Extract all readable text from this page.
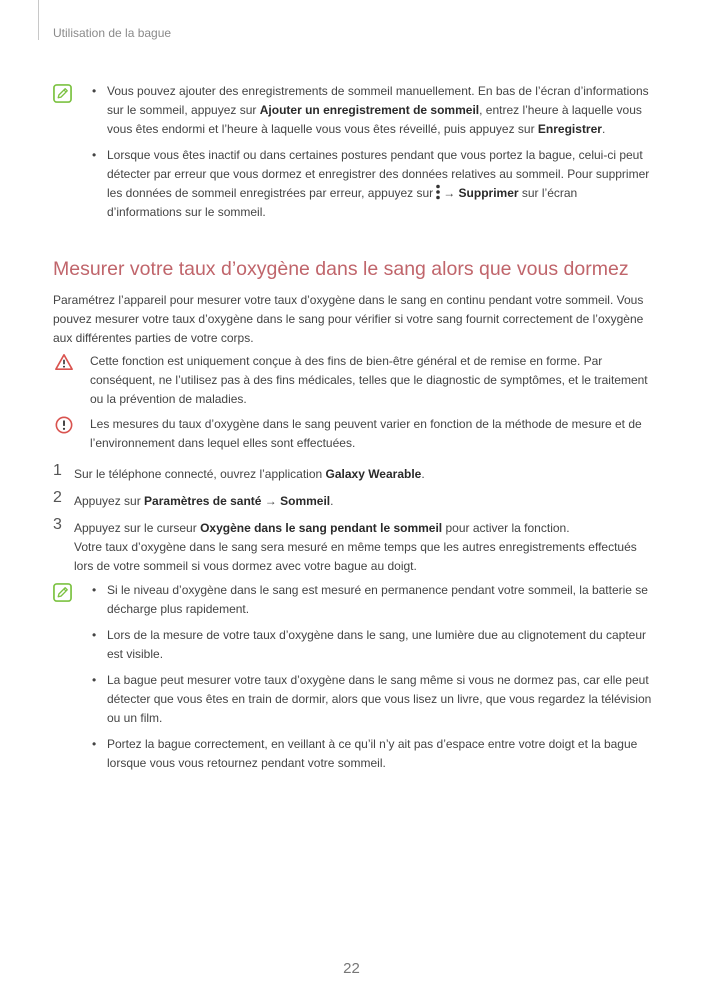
Utilisation de la bague
• Vous pouvez ajouter des enregistrements de sommeil manuellement. En bas de l’écran d’informations sur le sommeil, appuyez sur Ajouter un enregistrement de sommeil, entrez l’heure à laquelle vous vous êtes endormi et l’heure à laquelle vous vous êtes réveillé, puis appuyez sur Enregistrer.
• Lorsque vous êtes inactif ou dans certaines postures pendant que vous portez la bague, celui-ci peut détecter par erreur que vous dormez et enregistrer des données relatives au sommeil. Pour supprimer les données de sommeil enregistrées par erreur, appuyez sur → Supprimer sur l’écran d’informations sur le sommeil.
Mesurer votre taux d’oxygène dans le sang alors que vous dormez
Paramétrez l’appareil pour mesurer votre taux d’oxygène dans le sang en continu pendant votre sommeil. Vous pouvez mesurer votre taux d’oxygène dans le sang pour vérifier si votre sang fournit correctement de l’oxygène aux différentes parties de votre corps.
Cette fonction est uniquement conçue à des fins de bien-être général et de remise en forme. Par conséquent, ne l’utilisez pas à des fins médicales, telles que le diagnostic de symptômes, et le traitement ou la prévention de maladies.
Les mesures du taux d’oxygène dans le sang peuvent varier en fonction de la méthode de mesure et de l’environnement dans lequel elles sont effectuées.
1 Sur le téléphone connecté, ouvrez l’application Galaxy Wearable.
2 Appuyez sur Paramètres de santé → Sommeil.
3 Appuyez sur le curseur Oxygène dans le sang pendant le sommeil pour activer la fonction.
Votre taux d’oxygène dans le sang sera mesuré en même temps que les autres enregistrements effectués lors de votre sommeil si vous dormez avec votre bague au doigt.
• Si le niveau d’oxygène dans le sang est mesuré en permanence pendant votre sommeil, la batterie se décharge plus rapidement.
• Lors de la mesure de votre taux d’oxygène dans le sang, une lumière due au clignotement du capteur est visible.
• La bague peut mesurer votre taux d’oxygène dans le sang même si vous ne dormez pas, car elle peut détecter que vous êtes en train de dormir, alors que vous lisez un livre, que vous regardez la télévision ou un film.
• Portez la bague correctement, en veillant à ce qu’il n’y ait pas d’espace entre votre doigt et la bague lorsque vous vous retournez pendant votre sommeil.
22
